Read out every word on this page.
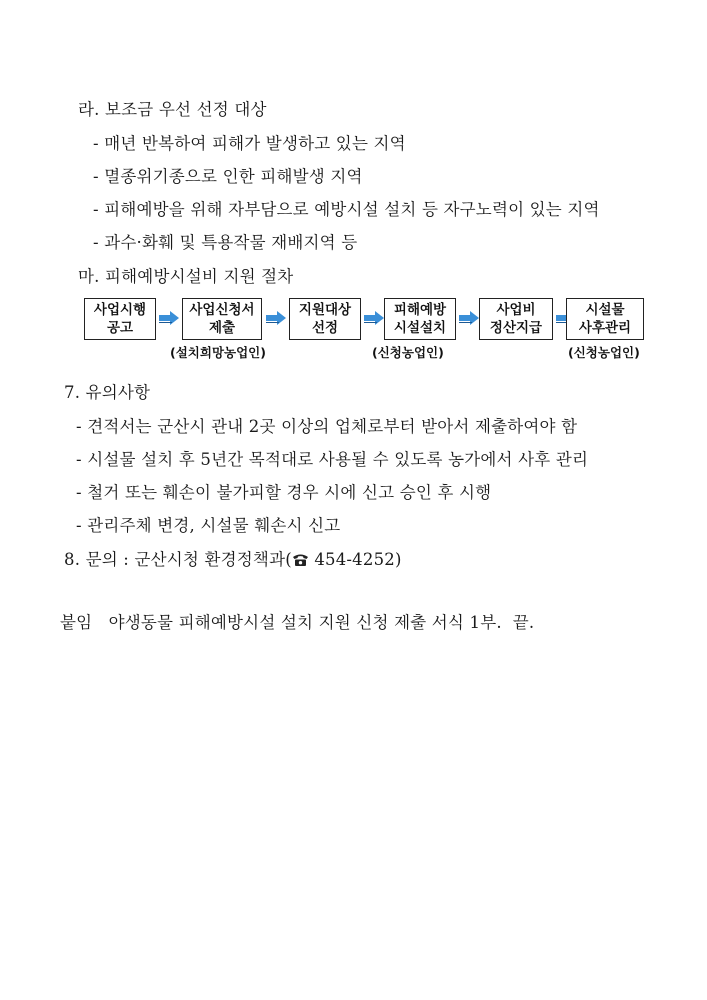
라. 보조금 우선 선정 대상
- 매년 반복하여 피해가 발생하고 있는 지역
- 멸종위기종으로 인한 피해발생 지역
- 피해예방을 위해 자부담으로 예방시설 설치 등 자구노력이 있는 지역
- 과수·화훼 및 특용작물 재배지역 등
마. 피해예방시설비 지원 절차
사업시행
공고
사업신청서
제출
(설치희망농업인)
지원대상
선정
피해예방
시설설치
(신청농업인)
사업비
정산지급
시설물
사후관리
(신청농업인)
7. 유의사항
- 견적서는 군산시 관내 2곳 이상의 업체로부터 받아서 제출하여야 함
- 시설물 설치 후 5년간 목적대로 사용될 수 있도록 농가에서 사후 관리
- 철거 또는 훼손이 불가피할 경우 시에 신고 승인 후 시행
- 관리주체 변경, 시설물 훼손시 신고
8. 문의 : 군산시청 환경정책과( 454-4252)
붙임 야생동물 피해예방시설 설치 지원 신청 제출 서식 1부. 끝.
